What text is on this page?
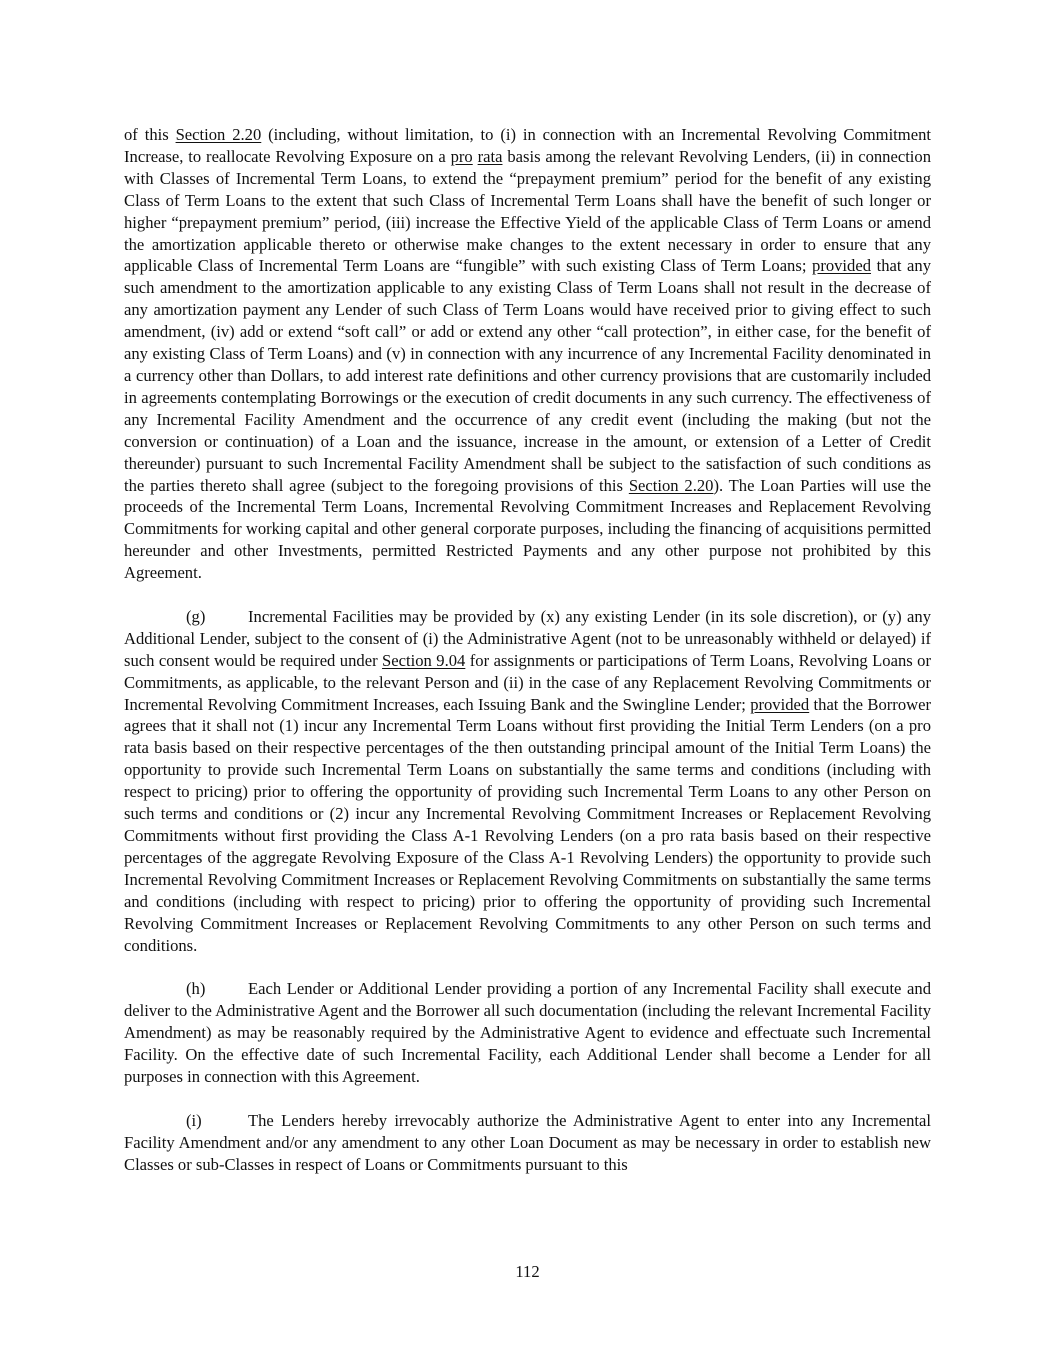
of this Section 2.20 (including, without limitation, to (i) in connection with an Incremental Revolving Commitment Increase, to reallocate Revolving Exposure on a pro rata basis among the relevant Revolving Lenders, (ii) in connection with Classes of Incremental Term Loans, to extend the “prepayment premium” period for the benefit of any existing Class of Term Loans to the extent that such Class of Incremental Term Loans shall have the benefit of such longer or higher “prepayment premium” period, (iii) increase the Effective Yield of the applicable Class of Term Loans or amend the amortization applicable thereto or otherwise make changes to the extent necessary in order to ensure that any applicable Class of Incremental Term Loans are “fungible” with such existing Class of Term Loans; provided that any such amendment to the amortization applicable to any existing Class of Term Loans shall not result in the decrease of any amortization payment any Lender of such Class of Term Loans would have received prior to giving effect to such amendment, (iv) add or extend “soft call” or add or extend any other “call protection”, in either case, for the benefit of any existing Class of Term Loans) and (v) in connection with any incurrence of any Incremental Facility denominated in a currency other than Dollars, to add interest rate definitions and other currency provisions that are customarily included in agreements contemplating Borrowings or the execution of credit documents in any such currency. The effectiveness of any Incremental Facility Amendment and the occurrence of any credit event (including the making (but not the conversion or continuation) of a Loan and the issuance, increase in the amount, or extension of a Letter of Credit thereunder) pursuant to such Incremental Facility Amendment shall be subject to the satisfaction of such conditions as the parties thereto shall agree (subject to the foregoing provisions of this Section 2.20). The Loan Parties will use the proceeds of the Incremental Term Loans, Incremental Revolving Commitment Increases and Replacement Revolving Commitments for working capital and other general corporate purposes, including the financing of acquisitions permitted hereunder and other Investments, permitted Restricted Payments and any other purpose not prohibited by this Agreement.

(g)	Incremental Facilities may be provided by (x) any existing Lender (in its sole discretion), or (y) any Additional Lender, subject to the consent of (i) the Administrative Agent (not to be unreasonably withheld or delayed) if such consent would be required under Section 9.04 for assignments or participations of Term Loans, Revolving Loans or Commitments, as applicable, to the relevant Person and (ii) in the case of any Replacement Revolving Commitments or Incremental Revolving Commitment Increases, each Issuing Bank and the Swingline Lender; provided that the Borrower agrees that it shall not (1) incur any Incremental Term Loans without first providing the Initial Term Lenders (on a pro rata basis based on their respective percentages of the then outstanding principal amount of the Initial Term Loans) the opportunity to provide such Incremental Term Loans on substantially the same terms and conditions (including with respect to pricing) prior to offering the opportunity of providing such Incremental Term Loans to any other Person on such terms and conditions or (2) incur any Incremental Revolving Commitment Increases or Replacement Revolving Commitments without first providing the Class A-1 Revolving Lenders (on a pro rata basis based on their respective percentages of the aggregate Revolving Exposure of the Class A-1 Revolving Lenders) the opportunity to provide such Incremental Revolving Commitment Increases or Replacement Revolving Commitments on substantially the same terms and conditions (including with respect to pricing) prior to offering the opportunity of providing such Incremental Revolving Commitment Increases or Replacement Revolving Commitments to any other Person on such terms and conditions.

(h)	Each Lender or Additional Lender providing a portion of any Incremental Facility shall execute and deliver to the Administrative Agent and the Borrower all such documentation (including the relevant Incremental Facility Amendment) as may be reasonably required by the Administrative Agent to evidence and effectuate such Incremental Facility. On the effective date of such Incremental Facility, each Additional Lender shall become a Lender for all purposes in connection with this Agreement.

(i)	The Lenders hereby irrevocably authorize the Administrative Agent to enter into any Incremental Facility Amendment and/or any amendment to any other Loan Document as may be necessary in order to establish new Classes or sub-Classes in respect of Loans or Commitments pursuant to this

112
